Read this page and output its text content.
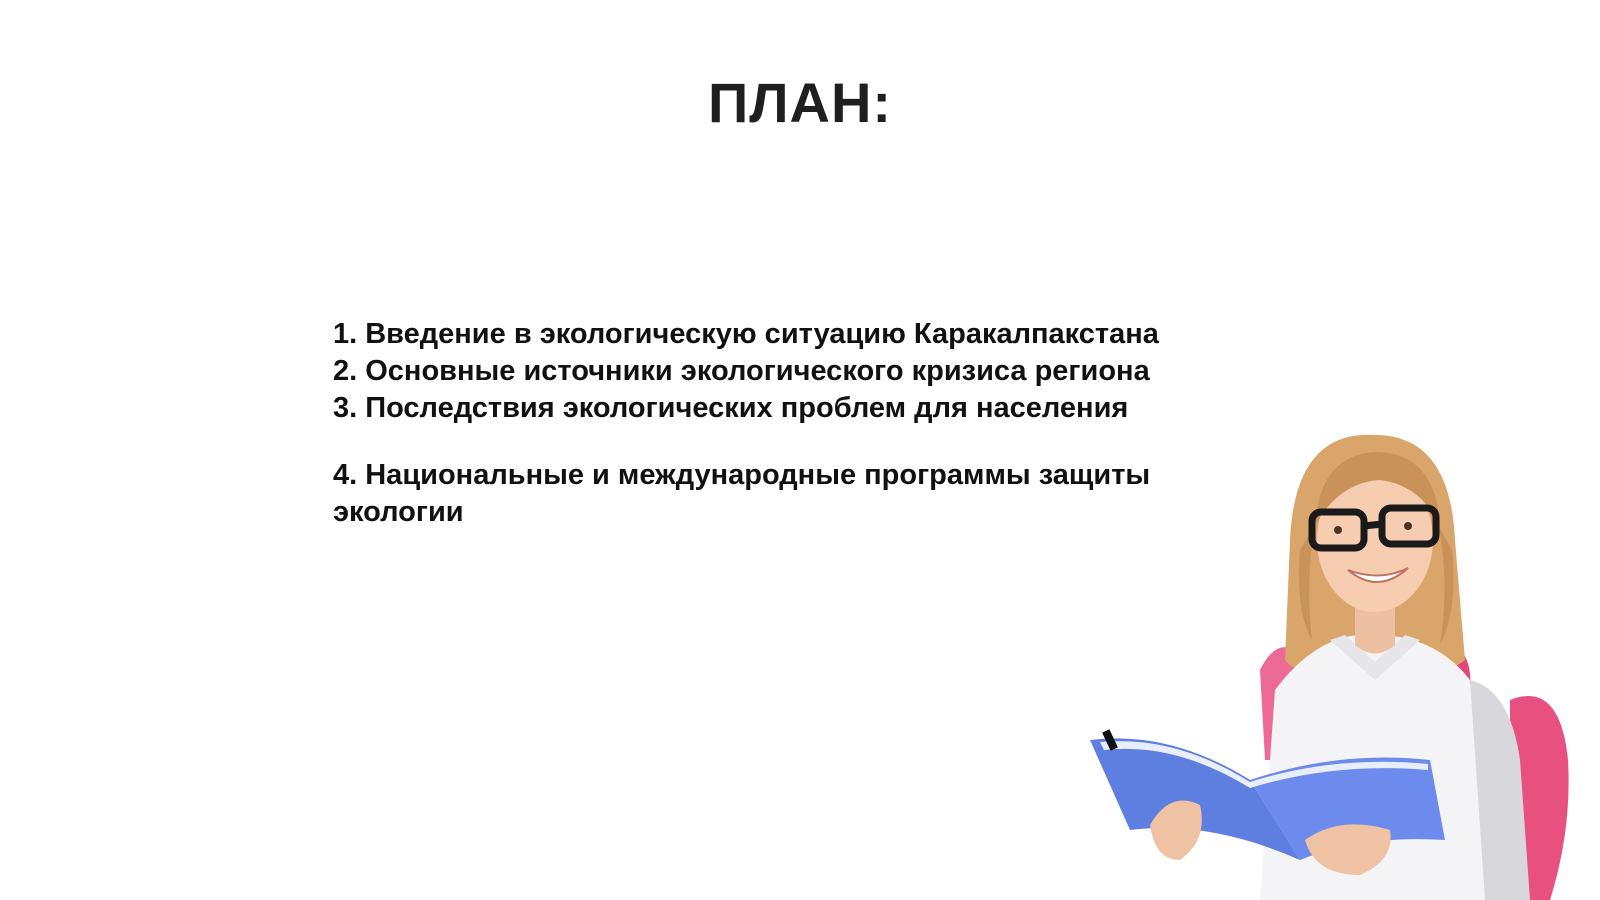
ПЛАН:
1. Введение в экологическую ситуацию Каракалпакстана
2. Основные источники экологического кризиса региона
3. Последствия экологических проблем для населения
4. Национальные и международные программы защиты экологии
